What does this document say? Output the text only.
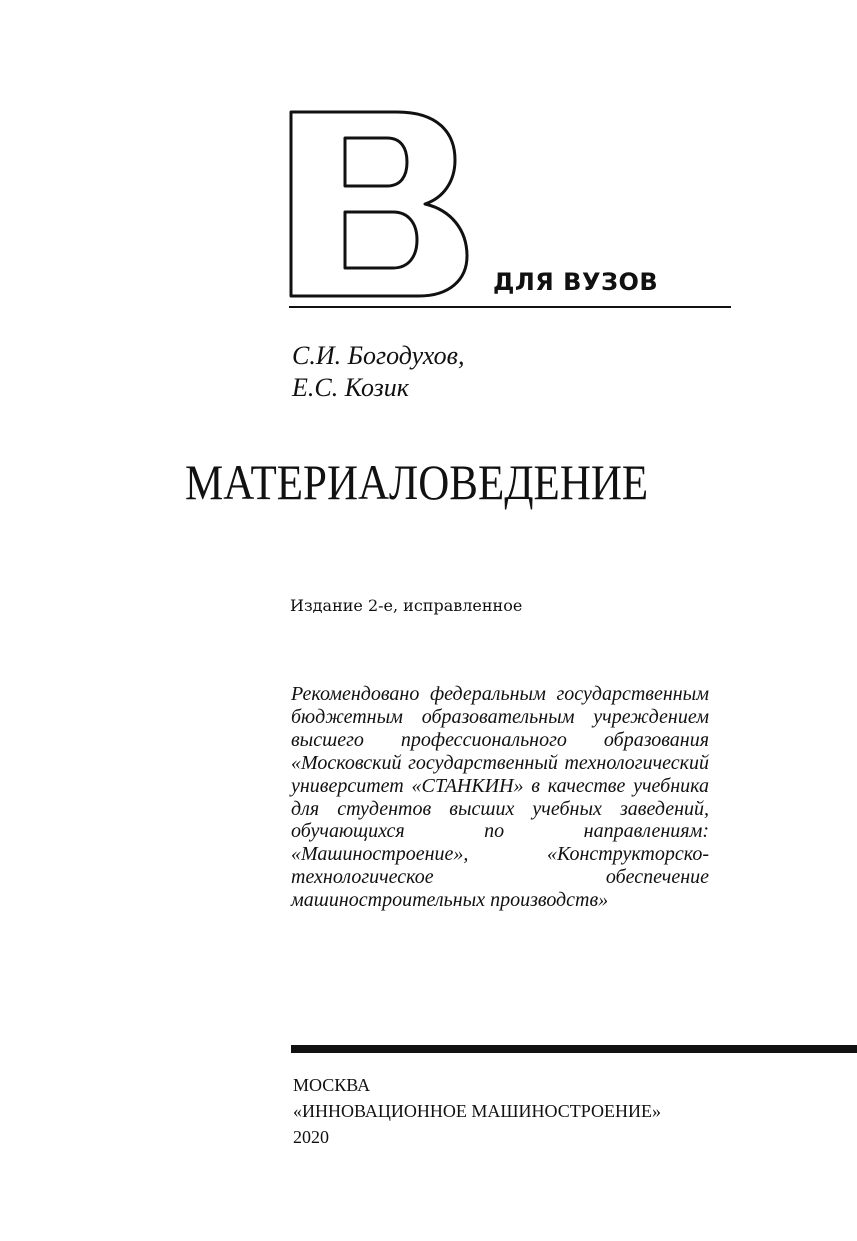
ДЛЯ ВУЗОВ
С.И. Богодухов,
Е.С. Козик
МАТЕРИАЛОВЕДЕНИЕ
Издание 2-е, исправленное
Рекомендовано федеральным государственным бюджетным образовательным учреждением высшего профессионального образования «Московский государственный технологический университет «СТАНКИН» в качестве учебника для студентов высших учебных заведений, обучающихся по направлениям: «Машиностроение», «Конструкторско-технологическое обеспечение машиностроительных производств»
МОСКВА
«ИННОВАЦИОННОЕ МАШИНОСТРОЕНИЕ»
2020
